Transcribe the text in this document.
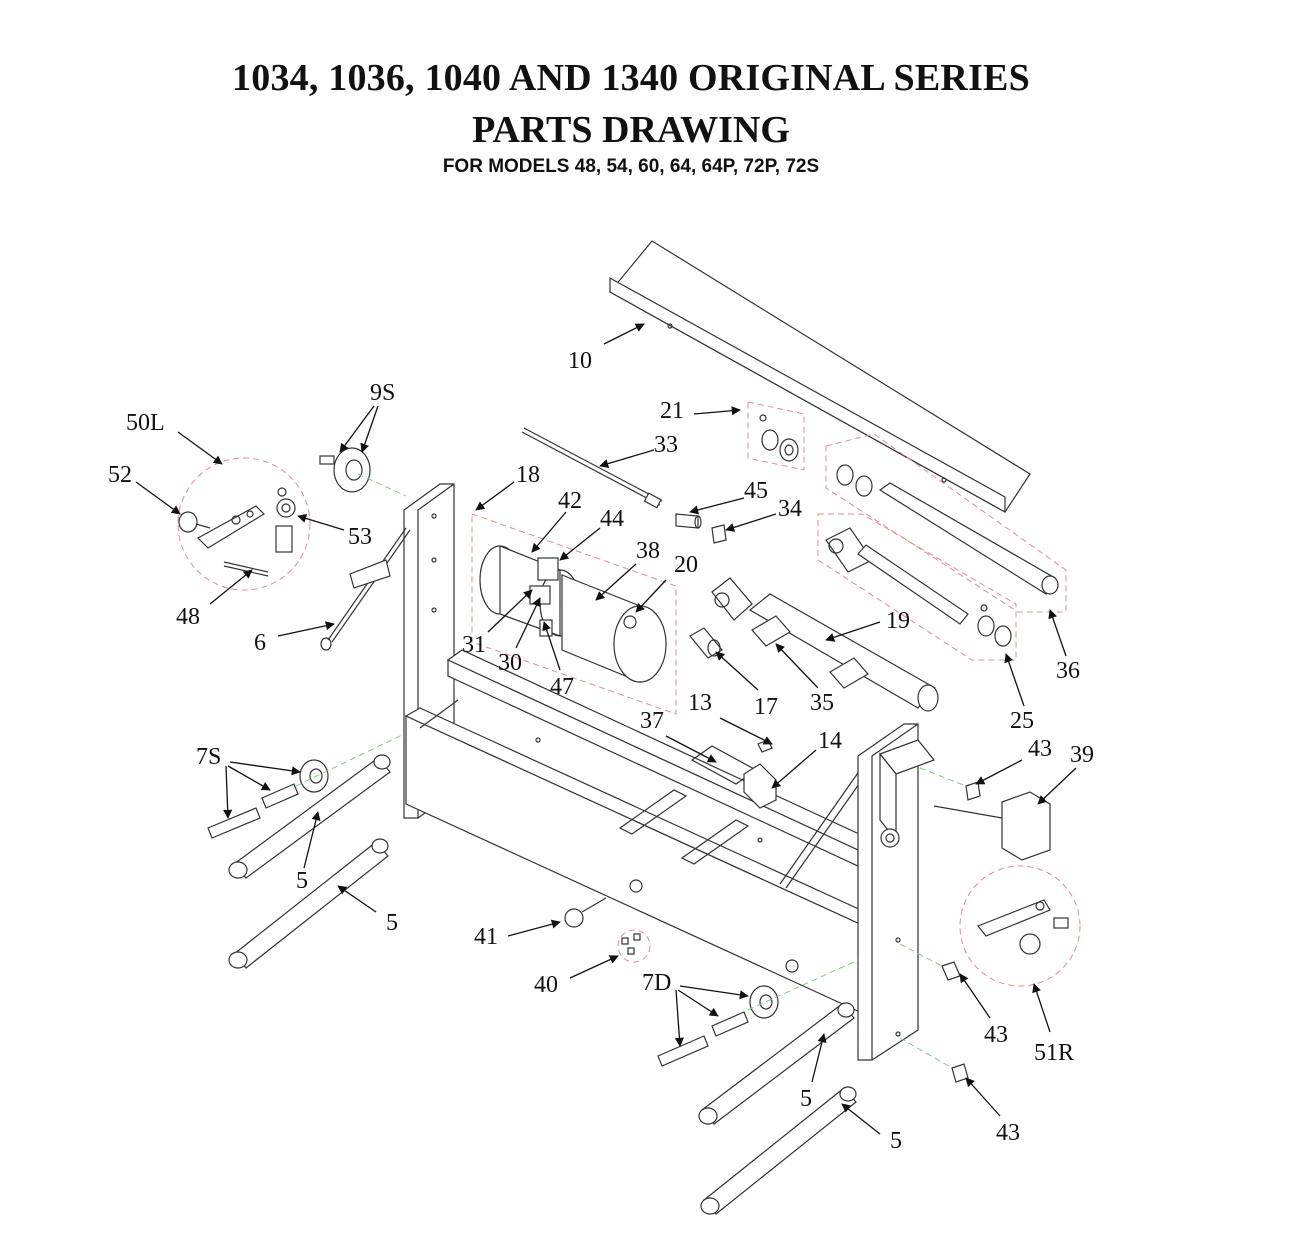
1034, 1036, 1040 AND 1340 ORIGINAL SERIES
PARTS DRAWING
FOR MODELS 48, 54, 60, 64, 64P, 72P, 72S
10
9S
50L
52
53
48
6
21
33
18
42
44
45
34
38
20
31
30
47
19
35
17
13
36
25
37
14	43 39
7S
5
5
41
40	7D
43
51R
5
43
5
